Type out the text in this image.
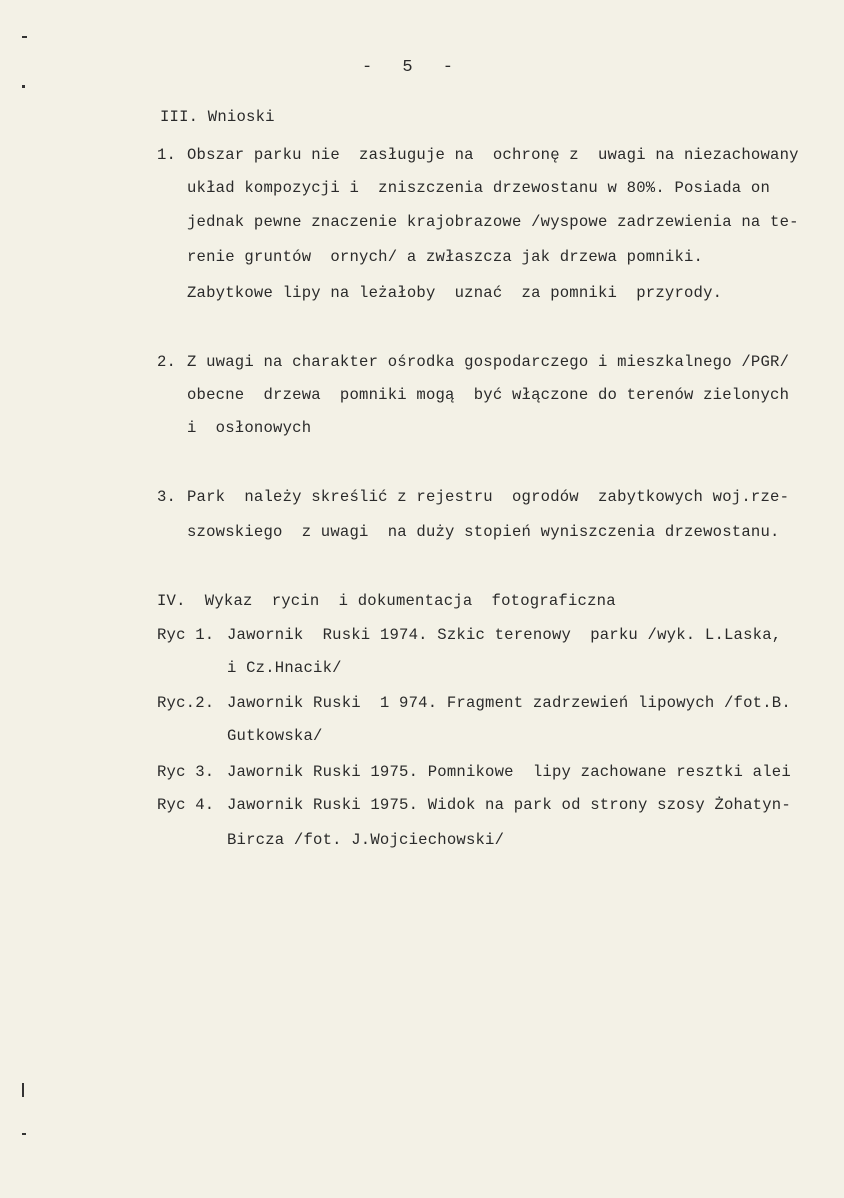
- 5 -
III. Wnioski
1. Obszar parku nie  zasługuje na  ochronę z  uwagi na niezachowany
układ kompozycji i  zniszczenia drzewostanu w 80%. Posiada on
jednak pewne znaczenie krajobrazowe /wyspowe zadrzewienia na te-
renie gruntów  ornych/ a zwłaszcza jak drzewa pomniki.
Zabytkowe lipy na leżałoby  uznać  za pomniki  przyrody.
2. Z uwagi na charakter ośrodka gospodarczego i mieszkalnego /PGR/
obecne  drzewa  pomniki mogą  być włączone do terenów zielonych
i  osłonowych
3. Park  należy skreślić z rejestru  ogrodów  zabytkowych woj.rze-
szowskiego  z uwagi  na duży stopień wyniszczenia drzewostanu.
IV.  Wykaz  rycin  i dokumentacja  fotograficzna
Ryc 1. Jawornik  Ruski 1974. Szkic terenowy  parku /wyk. L.Laska,
i Cz.Hnacik/
Ryc.2. Jawornik Ruski  1 974. Fragment zadrzewień lipowych /fot.B.
Gutkowska/
Ryc 3. Jawornik Ruski 1975. Pomnikowe  lipy zachowane resztki alei
Ryc 4. Jawornik Ruski 1975. Widok na park od strony szosy Żohatyn-
Bircza /fot. J.Wojciechowski/
